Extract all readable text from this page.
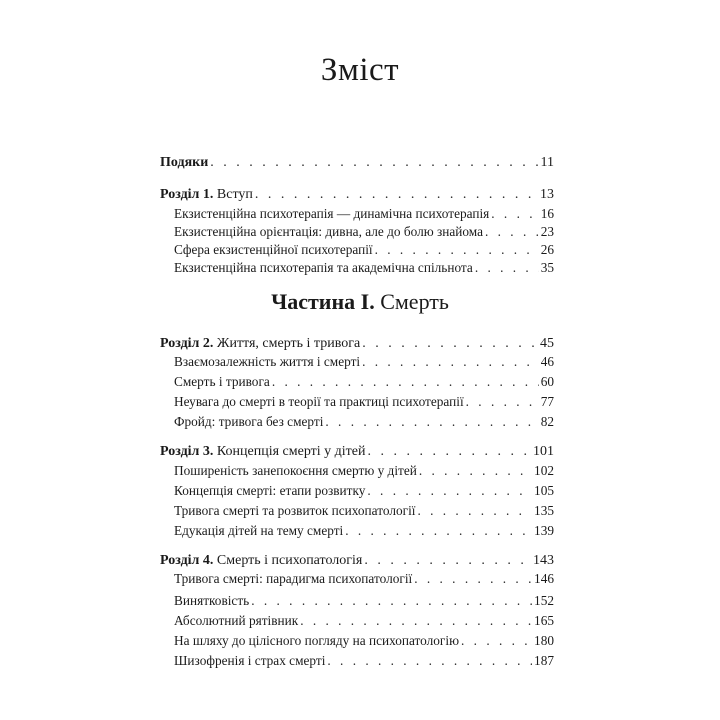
Зміст
Частина I. Смерть
Подяки . . .	11
Розділ 1. Вступ . . .	13
Екзистенційна психотерапія — динамічна психотерапія . . .	16
Екзистенційна орієнтація: дивна, але до болю знайома . . .	23
Сфера екзистенційної психотерапії . . .	26
Екзистенційна психотерапія та академічна спільнота . . .	35
Розділ 2. Життя, смерть і тривога . . .	45
Взаємозалежність життя і смерті . . .	46
Смерть і тривога . . .	60
Неувага до смерті в теорії та практиці психотерапії . . .	77
Фройд: тривога без смерті . . .	82
Розділ 3. Концепція смерті у дітей . . .	101
Поширеність занепокоєння смертю у дітей . . .	102
Концепція смерті: етапи розвитку . . .	105
Тривога смерті та розвиток психопатології . . .	135
Едукація дітей на тему смерті . . .	139
Розділ 4. Смерть і психопатологія . . .	143
Тривога смерті: парадигма психопатології . . .	146
Винятковість . . .	152
Абсолютний рятівник . . .	165
На шляху до цілісного погляду на психопатологію . . .	180
Шизофренія і страх смерті . . .	187
